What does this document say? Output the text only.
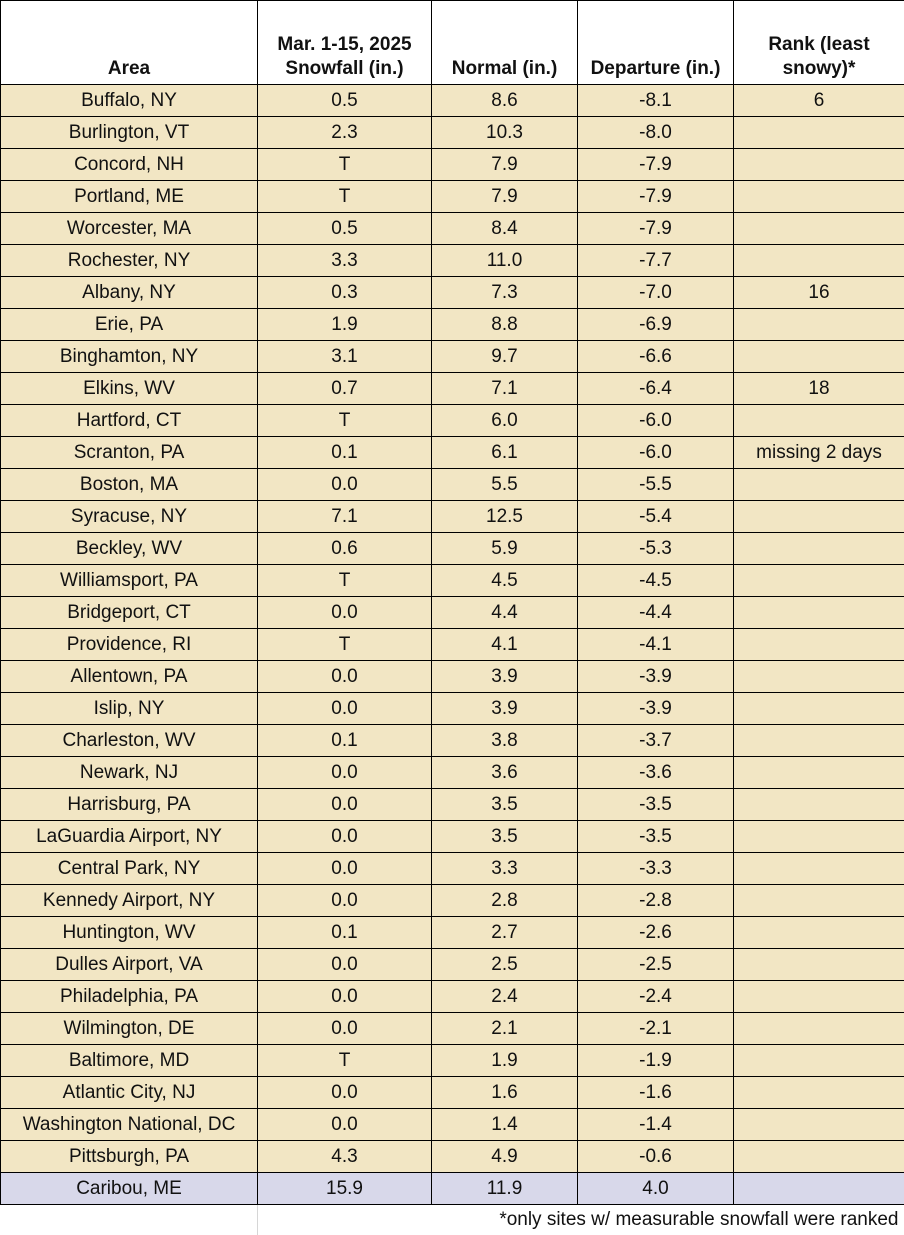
Area	Mar. 1-15, 2025 Snowfall (in.)	Normal (in.)	Departure (in.)	Rank (least snowy)*
Buffalo, NY	0.5	8.6	-8.1	6
Burlington, VT	2.3	10.3	-8.0	
Concord, NH	T	7.9	-7.9	
Portland, ME	T	7.9	-7.9	
Worcester, MA	0.5	8.4	-7.9	
Rochester, NY	3.3	11.0	-7.7	
Albany, NY	0.3	7.3	-7.0	16
Erie, PA	1.9	8.8	-6.9	
Binghamton, NY	3.1	9.7	-6.6	
Elkins, WV	0.7	7.1	-6.4	18
Hartford, CT	T	6.0	-6.0	
Scranton, PA	0.1	6.1	-6.0	missing 2 days
Boston, MA	0.0	5.5	-5.5	
Syracuse, NY	7.1	12.5	-5.4	
Beckley, WV	0.6	5.9	-5.3	
Williamsport, PA	T	4.5	-4.5	
Bridgeport, CT	0.0	4.4	-4.4	
Providence, RI	T	4.1	-4.1	
Allentown, PA	0.0	3.9	-3.9	
Islip, NY	0.0	3.9	-3.9	
Charleston, WV	0.1	3.8	-3.7	
Newark, NJ	0.0	3.6	-3.6	
Harrisburg, PA	0.0	3.5	-3.5	
LaGuardia Airport, NY	0.0	3.5	-3.5	
Central Park, NY	0.0	3.3	-3.3	
Kennedy Airport, NY	0.0	2.8	-2.8	
Huntington, WV	0.1	2.7	-2.6	
Dulles Airport, VA	0.0	2.5	-2.5	
Philadelphia, PA	0.0	2.4	-2.4	
Wilmington, DE	0.0	2.1	-2.1	
Baltimore, MD	T	1.9	-1.9	
Atlantic City, NJ	0.0	1.6	-1.6	
Washington National, DC	0.0	1.4	-1.4	
Pittsburgh, PA	4.3	4.9	-0.6	
Caribou, ME	15.9	11.9	4.0	
	*only sites w/ measurable snowfall were ranked			
